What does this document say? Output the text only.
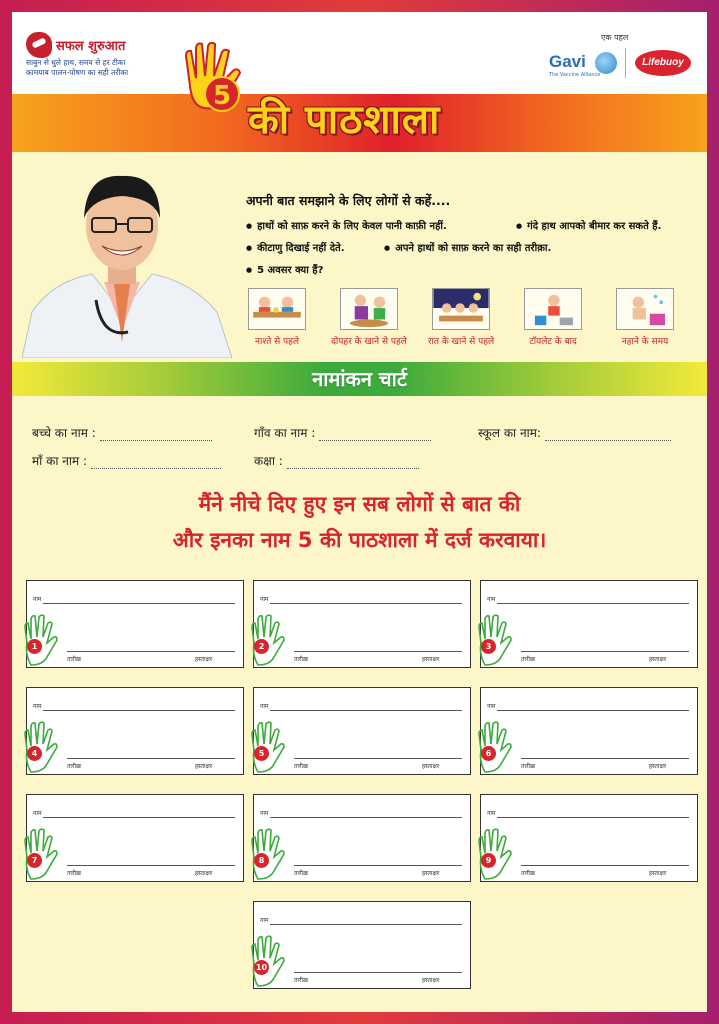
सफल शुरुआत
साबुन से धुले हाथ, समय से हर टीका
कामयाब पालन-पोषण का सही तरीका
5
की पाठशाला
एक पहल
Gavi
The Vaccine Alliance
Lifebuoy
अपनी बात समझाने के लिए लोगों से कहें....
● हाथों को साफ़ करने के लिए केवल पानी काफ़ी नहीं.	● गंदे हाथ आपको बीमार कर सकते हैं.
● कीटाणु दिखाई नहीं देते.	● अपने हाथों को साफ़ करने का सही तरीक़ा.
● 5 अवसर क्या हैं?
नाश्ते से पहले	दोपहर के खाने से पहले	रात के खाने से पहले	टॉयलेट के बाद	नहाने के समय
नामांकन चार्ट
बच्चे का नाम :	गाँव का नाम :	स्कूल का नाम:
माँ का नाम :	कक्षा :
मैंने नीचे दिए हुए इन सब लोगों से बात की
और इनका नाम 5 की पाठशाला में दर्ज करवाया।
नाम
1
तारीख़	हस्ताक्षर
नाम
2
तारीख़	हस्ताक्षर
नाम
3
तारीख़	हस्ताक्षर
नाम
4
तारीख़	हस्ताक्षर
नाम
5
तारीख़	हस्ताक्षर
नाम
6
तारीख़	हस्ताक्षर
नाम
7
तारीख़	हस्ताक्षर
नाम
8
तारीख़	हस्ताक्षर
नाम
9
तारीख़	हस्ताक्षर
नाम
10
तारीख़	हस्ताक्षर
